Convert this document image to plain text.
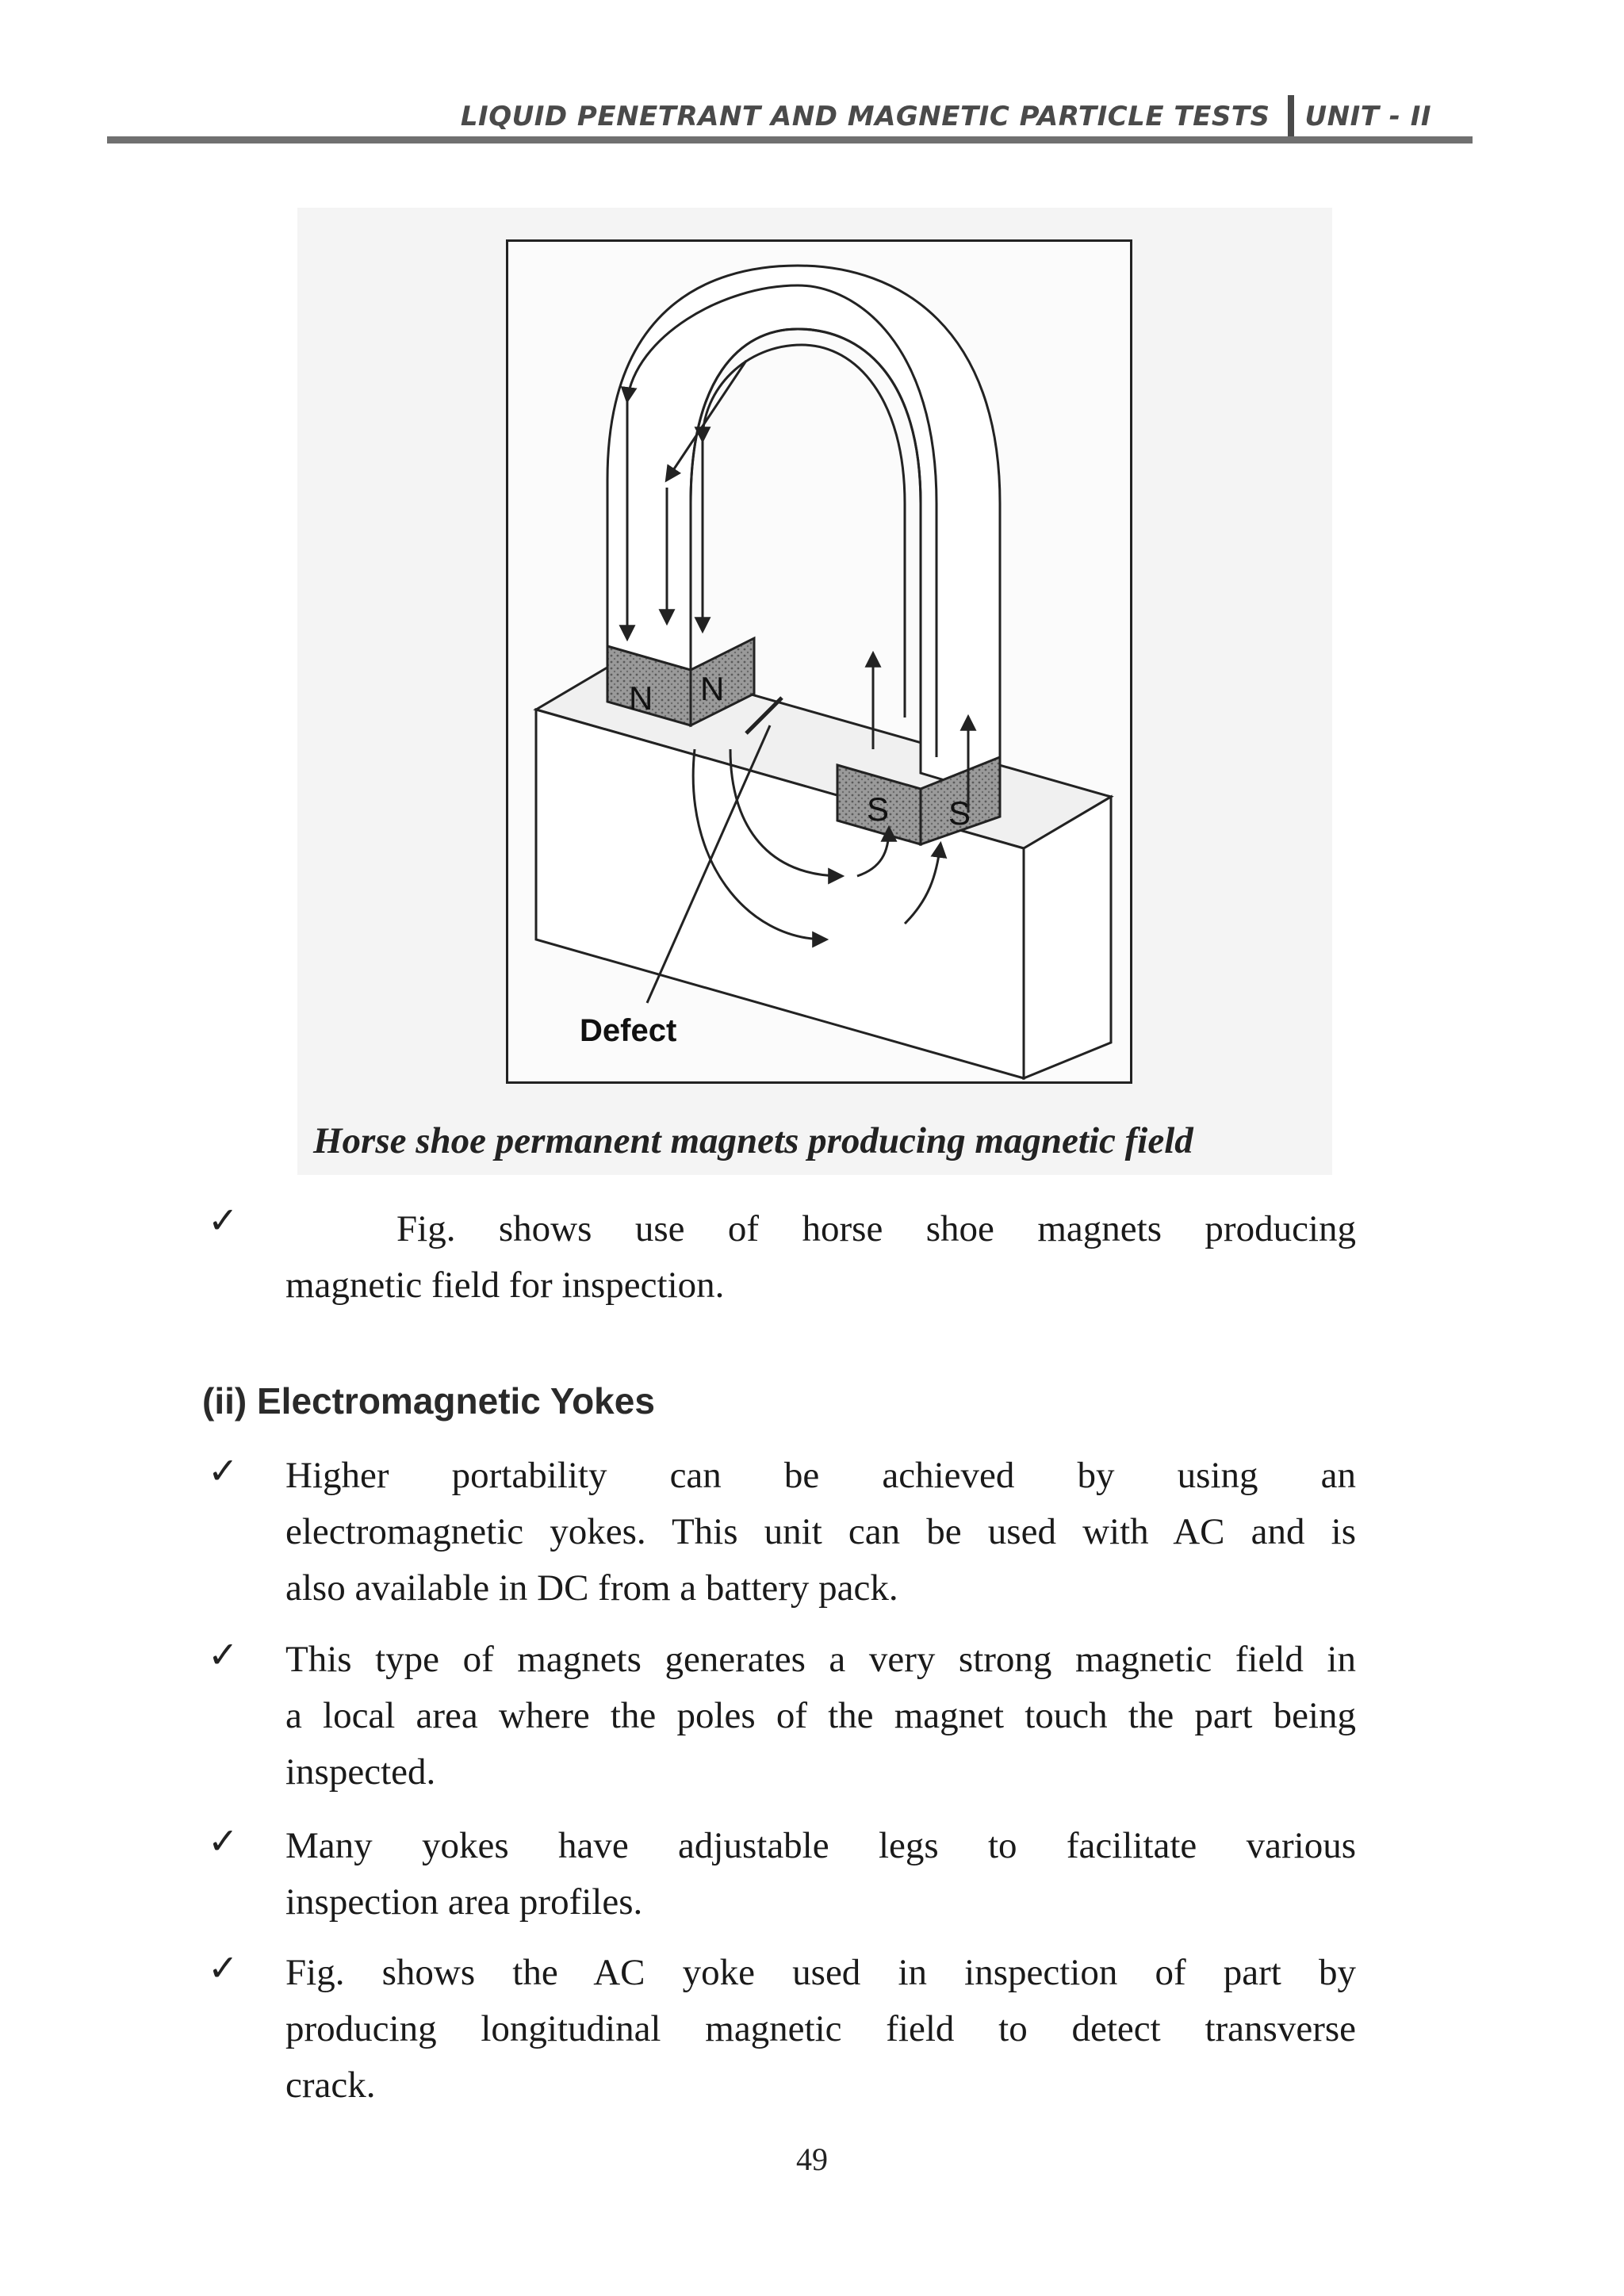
LIQUID PENETRANT AND MAGNETIC PARTICLE TESTS UNIT - II
N N
S S
Defect
Horse shoe permanent magnets producing magnetic field
✓	Fig. shows use of horse shoe magnets producing
magnetic field for inspection.
(ii) Electromagnetic Yokes
✓ Higher portability can be achieved by using an
electromagnetic yokes. This unit can be used with AC and is
also available in DC from a battery pack.
✓ This type of magnets generates a very strong magnetic field in
a local area where the poles of the magnet touch the part being
inspected.
✓ Many yokes have adjustable legs to facilitate various
inspection area profiles.
✓ Fig. shows the AC yoke used in inspection of part by
producing longitudinal magnetic field to detect transverse
crack.
49
